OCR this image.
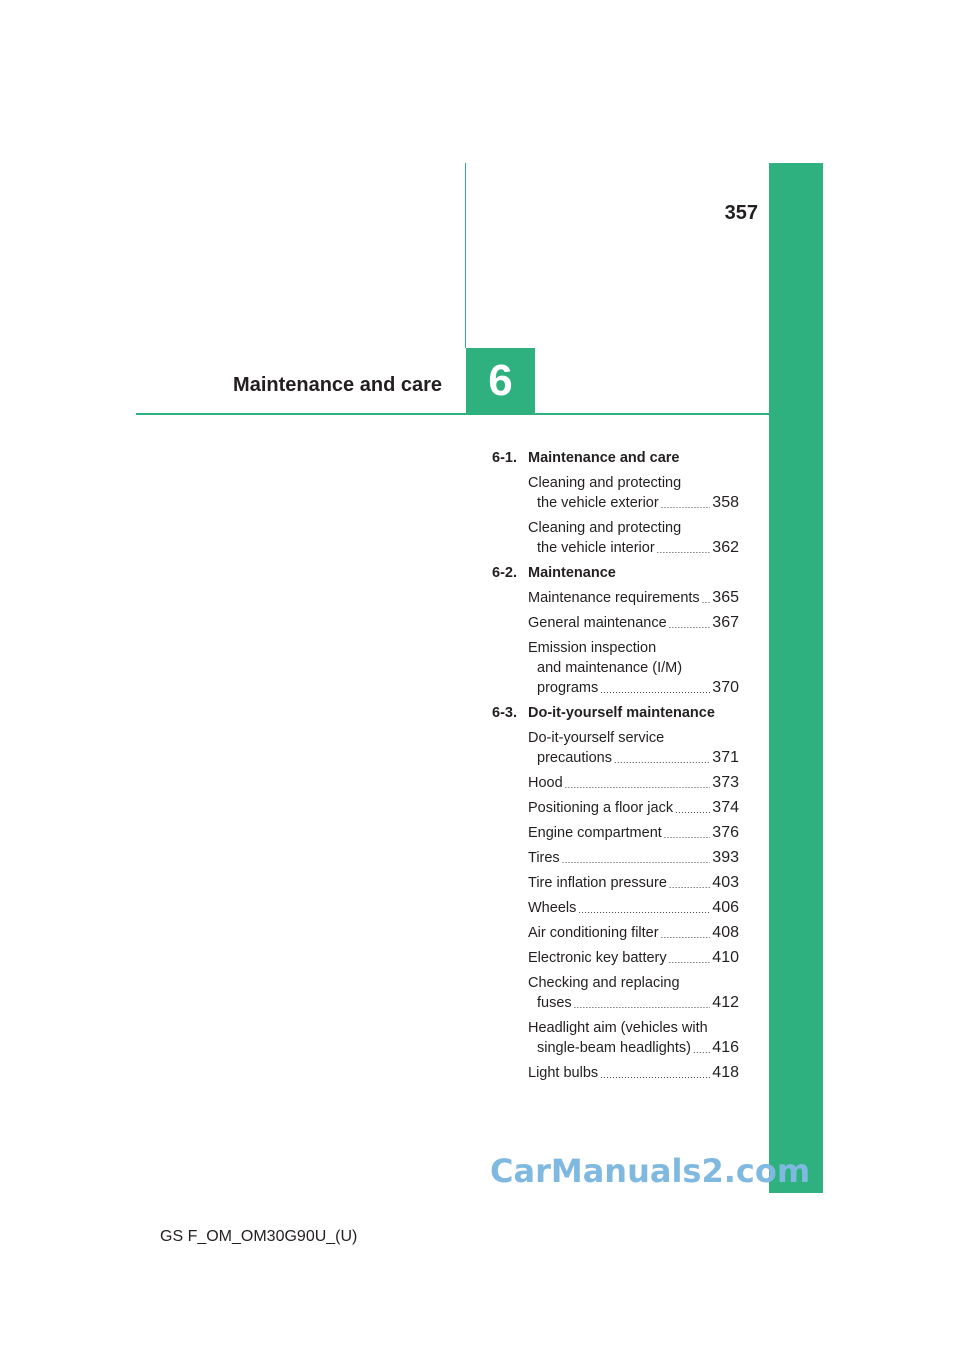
357
Maintenance and care	6
6-1. Maintenance and care
Cleaning and protecting
the vehicle exterior .....	358
Cleaning and protecting
the vehicle interior .....	362
6-2. Maintenance
Maintenance requirements ..... 365
General maintenance .....	367
Emission inspection
and maintenance (I/M)
programs .....	370
6-3. Do-it-yourself maintenance
Do-it-yourself service
precautions .....	371
Hood .....	373
Positioning a floor jack ..... 374
Engine compartment .....	376
Tires .....	393
Tire inflation pressure .....	403
Wheels .....	406
Air conditioning filter .....	408
Electronic key battery .....	410
Checking and replacing
fuses .....	412
Headlight aim (vehicles with
single-beam headlights) ..... 416
Light bulbs .....	418
CarManuals2.com
GS F_OM_OM30G90U_(U)
